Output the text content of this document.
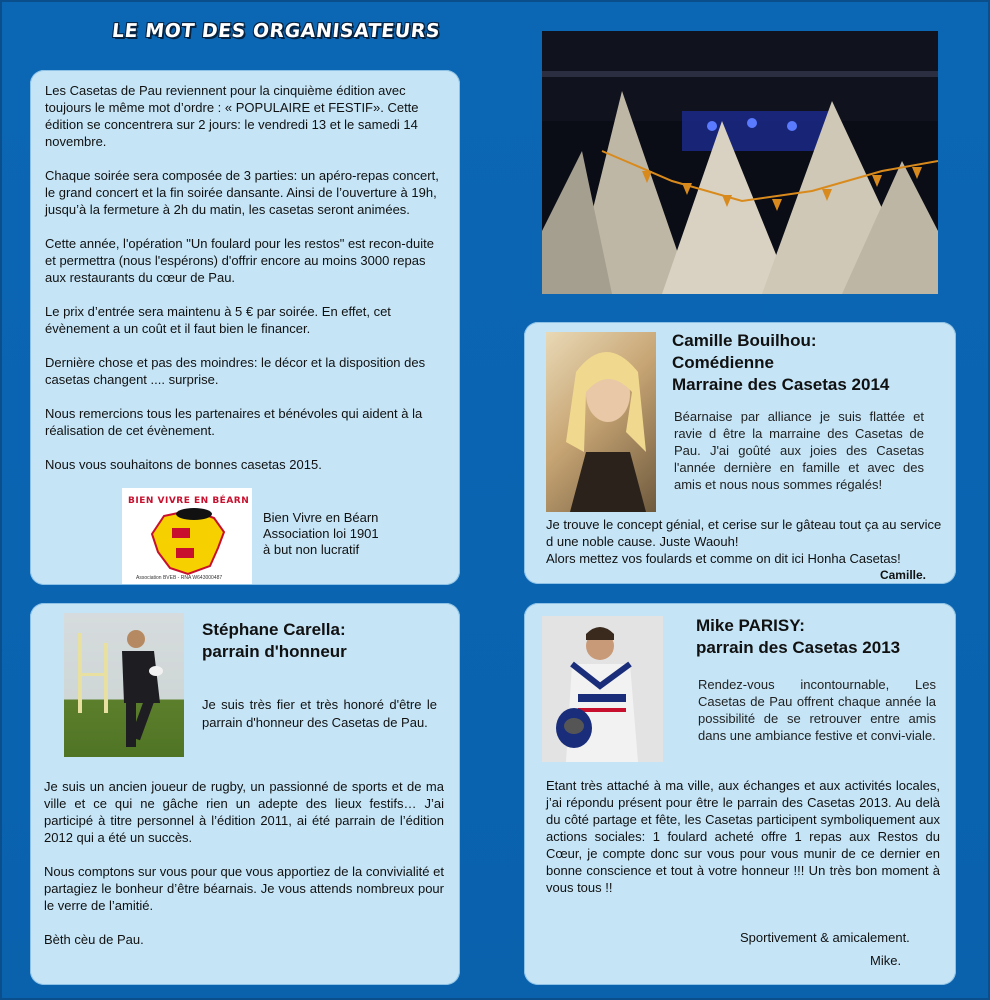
LE MOT DES ORGANISATEURS
Les Casetas de Pau reviennent pour la cinquième édition avec toujours le même mot d’ordre : « POPULAIRE et FESTIF». Cette édition se concentrera sur 2 jours: le vendredi 13 et le samedi 14 novembre.
Chaque soirée sera composée de 3 parties: un apéro-repas concert, le grand concert et la fin soirée dansante. Ainsi de l’ouverture à 19h, jusqu’à la fermeture à 2h du matin, les casetas seront animées.
Cette année, l'opération "Un foulard pour les restos" est recon-duite et permettra (nous l'espérons) d'offrir encore au moins 3000 repas aux restaurants du cœur de Pau.
Le prix d’entrée sera maintenu à 5 € par soirée. En effet, cet évènement a un coût et il faut bien le financer.
Dernière chose et pas des moindres: le décor et la disposition des casetas changent .... surprise.
Nous remercions tous les partenaires et bénévoles qui aident à la réalisation de cet évènement.
Nous vous souhaitons de bonnes casetas 2015.
BIEN VIVRE EN BÉARN
Association BVEB - RNA W643000487
Bien Vivre en Béarn
Association loi 1901
à but non lucratif
Camille Bouilhou:
Comédienne
Marraine des Casetas 2014
Béarnaise par alliance je suis flattée et ravie d être la marraine des Casetas de Pau. J'ai goûté aux joies des Casetas l'année dernière en famille et avec des amis et nous nous sommes régalés!
Je trouve le concept génial, et cerise sur le gâteau tout ça au service d une noble cause. Juste Waouh!
Alors mettez vos foulards et comme on dit ici Honha Casetas!
Camille.
Stéphane Carella:
parrain d'honneur
Je suis très fier et très honoré d'être le parrain d'honneur des Casetas de Pau.
Je suis un ancien joueur de rugby, un passionné de sports et de ma ville et ce qui ne gâche rien un adepte des lieux festifs… J’ai participé à titre personnel à l’édition 2011, ai été parrain de l’édition 2012 qui a été un succès.
Nous comptons sur vous pour que vous apportiez de la convivialité et partagiez le bonheur d’être béarnais. Je vous attends nombreux pour le verre de l’amitié.
Bèth cèu de Pau.
Mike PARISY:
parrain des Casetas 2013
Rendez-vous incontournable, Les Casetas de Pau offrent chaque année la possibilité de se retrouver entre amis dans une ambiance festive et convi-viale.
Etant très attaché à ma ville, aux échanges et aux activités locales, j’ai répondu présent pour être le parrain des Casetas 2013. Au delà du côté partage et fête, les Casetas participent symboliquement aux actions sociales: 1 foulard acheté offre 1 repas aux Restos du Cœur, je compte donc sur vous pour vous munir de ce dernier en bonne conscience et tout à votre honneur !!! Un très bon moment à vous tous !!
Sportivement & amicalement.
Mike.
